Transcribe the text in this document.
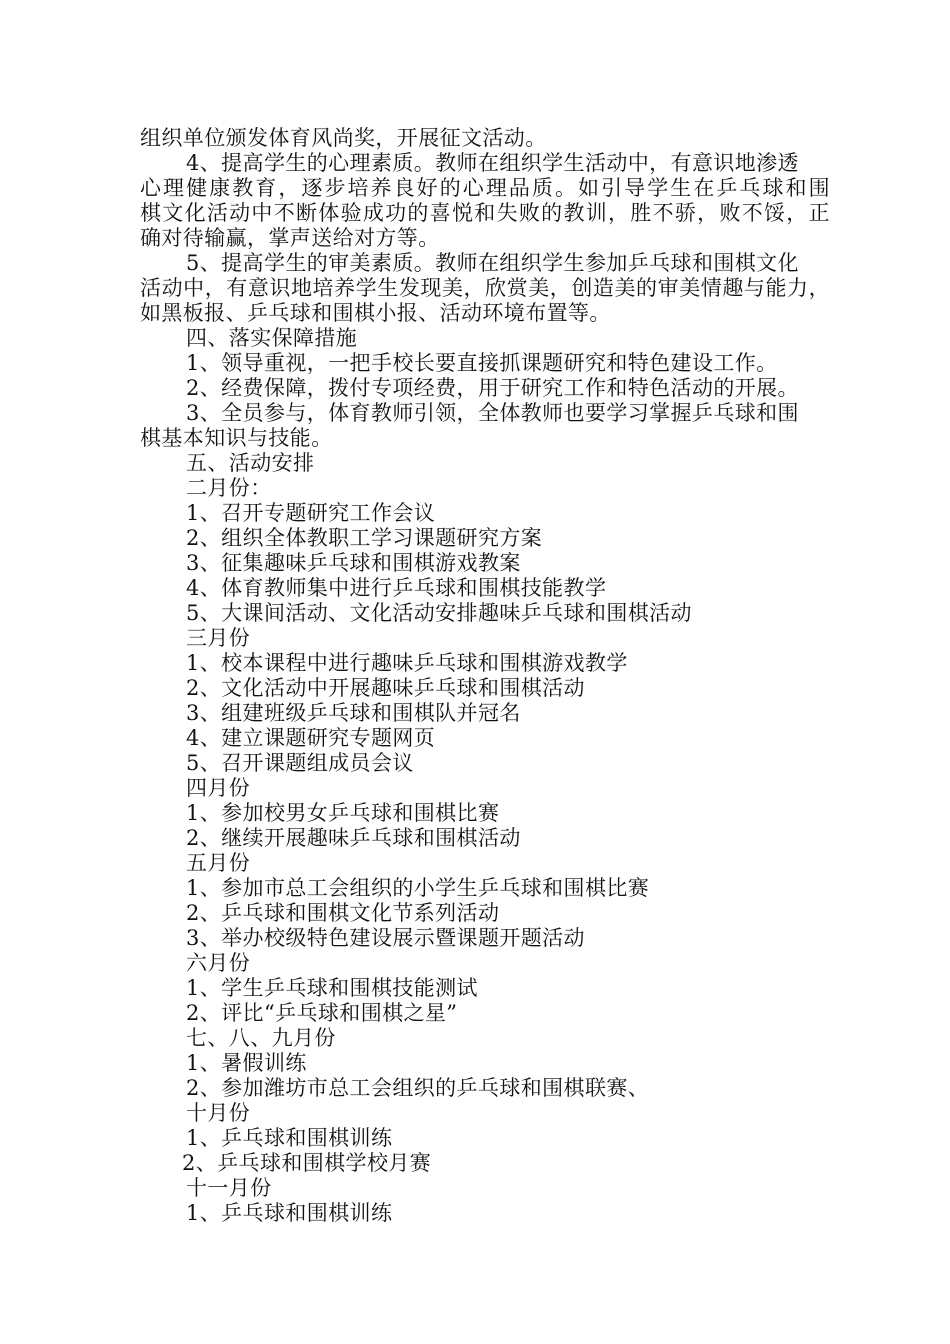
组织单位颁发体育风尚奖，开展征文活动。
4、提高学生的心理素质。教师在组织学生活动中，有意识地渗透
心理健康教育，逐步培养良好的心理品质。如引导学生在乒乓球和围
棋文化活动中不断体验成功的喜悦和失败的教训，胜不骄，败不馁，正
确对待输赢，掌声送给对方等。
5、提高学生的审美素质。教师在组织学生参加乒乓球和围棋文化
活动中，有意识地培养学生发现美，欣赏美，创造美的审美情趣与能力，
如黑板报、乒乓球和围棋小报、活动环境布置等。
四、落实保障措施
1、领导重视，一把手校长要直接抓课题研究和特色建设工作。
2、经费保障，拨付专项经费，用于研究工作和特色活动的开展。
3、全员参与，体育教师引领，全体教师也要学习掌握乒乓球和围
棋基本知识与技能。
五、活动安排
二月份：
1、召开专题研究工作会议
2、组织全体教职工学习课题研究方案
3、征集趣味乒乓球和围棋游戏教案
4、体育教师集中进行乒乓球和围棋技能教学
5、大课间活动、文化活动安排趣味乒乓球和围棋活动
三月份
1、校本课程中进行趣味乒乓球和围棋游戏教学
2、文化活动中开展趣味乒乓球和围棋活动
3、组建班级乒乓球和围棋队并冠名
4、建立课题研究专题网页
5、召开课题组成员会议
四月份
1、参加校男女乒乓球和围棋比赛
2、继续开展趣味乒乓球和围棋活动
五月份
1、参加市总工会组织的小学生乒乓球和围棋比赛
2、乒乓球和围棋文化节系列活动
3、举办校级特色建设展示暨课题开题活动
六月份
1、学生乒乓球和围棋技能测试
2、评比“乒乓球和围棋之星”
七、八、九月份
1、暑假训练
2、参加潍坊市总工会组织的乒乓球和围棋联赛、
十月份
1、乒乓球和围棋训练
2、乒乓球和围棋学校月赛
十一月份
1、乒乓球和围棋训练
